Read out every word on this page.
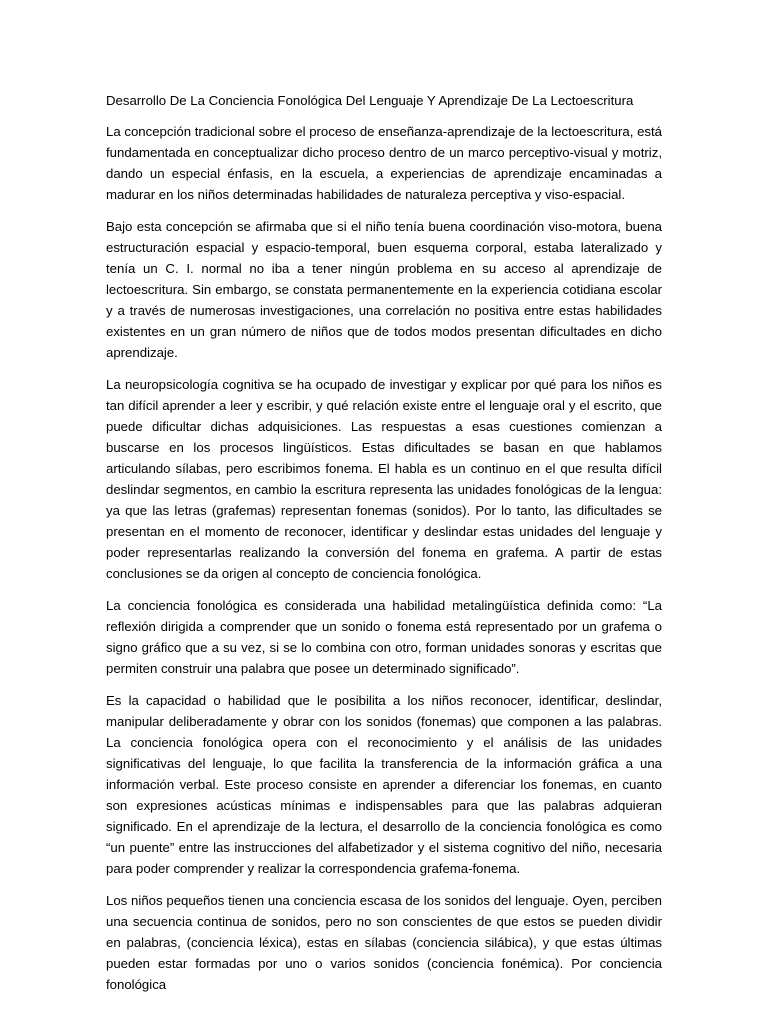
Desarrollo De La Conciencia Fonológica Del Lenguaje Y Aprendizaje De La Lectoescritura

La concepción tradicional sobre el proceso de enseñanza-aprendizaje de la lectoescritura, está fundamentada en conceptualizar dicho proceso dentro de un marco perceptivo-visual y motriz, dando un especial énfasis, en la escuela, a experiencias de aprendizaje encaminadas a madurar en los niños determinadas habilidades de naturaleza perceptiva y viso-espacial.

Bajo esta concepción se afirmaba que si el niño tenía buena coordinación viso-motora, buena estructuración espacial y espacio-temporal, buen esquema corporal, estaba lateralizado y tenía un C. I. normal no iba a tener ningún problema en su acceso al aprendizaje de lectoescritura. Sin embargo, se constata permanentemente en la experiencia cotidiana escolar y a través de numerosas investigaciones, una correlación no positiva entre estas habilidades existentes en un gran número de niños que de todos modos presentan dificultades en dicho aprendizaje.

La neuropsicología cognitiva se ha ocupado de investigar y explicar por qué para los niños es tan difícil aprender a leer y escribir, y qué relación existe entre el lenguaje oral y el escrito, que puede dificultar dichas adquisiciones. Las respuestas a esas cuestiones comienzan a buscarse en los procesos lingüísticos. Estas dificultades se basan en que hablamos articulando sílabas, pero escribimos fonema. El habla es un continuo en el que resulta difícil deslindar segmentos, en cambio la escritura representa las unidades fonológicas de la lengua: ya que las letras (grafemas) representan fonemas (sonidos). Por lo tanto, las dificultades se presentan en el momento de reconocer, identificar y deslindar estas unidades del lenguaje y poder representarlas realizando la conversión del fonema en grafema. A partir de estas conclusiones se da origen al concepto de conciencia fonológica.

La conciencia fonológica es considerada una habilidad metalingüística definida como: “La reflexión dirigida a comprender que un sonido o fonema está representado por un grafema o signo gráfico que a su vez, si se lo combina con otro, forman unidades sonoras y escritas que permiten construir una palabra que posee un determinado significado”.

Es la capacidad o habilidad que le posibilita a los niños reconocer, identificar, deslindar, manipular deliberadamente y obrar con los sonidos (fonemas) que componen a las palabras. La conciencia fonológica opera con el reconocimiento y el análisis de las unidades significativas del lenguaje, lo que facilita la transferencia de la información gráfica a una información verbal. Este proceso consiste en aprender a diferenciar los fonemas, en cuanto son expresiones acústicas mínimas e indispensables para que las palabras adquieran significado. En el aprendizaje de la lectura, el desarrollo de la conciencia fonológica es como “un puente” entre las instrucciones del alfabetizador y el sistema cognitivo del niño, necesaria para poder comprender y realizar la correspondencia grafema-fonema.

Los niños pequeños tienen una conciencia escasa de los sonidos del lenguaje. Oyen, perciben una secuencia continua de sonidos, pero no son conscientes de que estos se pueden dividir en palabras, (conciencia léxica), estas en sílabas (conciencia silábica), y que estas últimas pueden estar formadas por uno o varios sonidos (conciencia fonémica). Por conciencia fonológica
